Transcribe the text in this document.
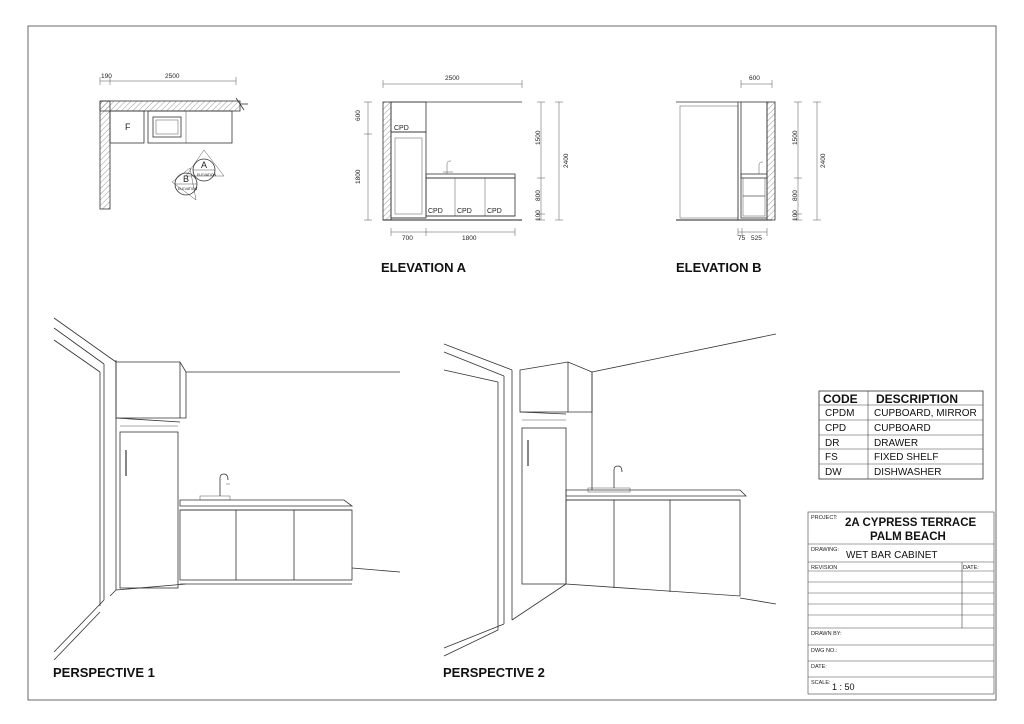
190	2500
F
A
ELEVATION
B
ELEVATION
2500
600
1800
CPD
CPD CPD CPD
1500
800
100
2400
700	1800
ELEVATION A
600
1500
800
100
2400
75 525
ELEVATION B
PERSPECTIVE 1	PERSPECTIVE 2
CODE DESCRIPTION
CPDM CUPBOARD, MIRROR
CPD	CUPBOARD
DR	DRAWER
FS	FIXED SHELF
DW	DISHWASHER
PROJECT: 2A CYPRESS TERRACE
PALM BEACH
DRAWING: WET BAR CABINET
REVISION	DATE:
DRAWN BY:
DWG NO.:
DATE:
SCALE: 1 : 50
